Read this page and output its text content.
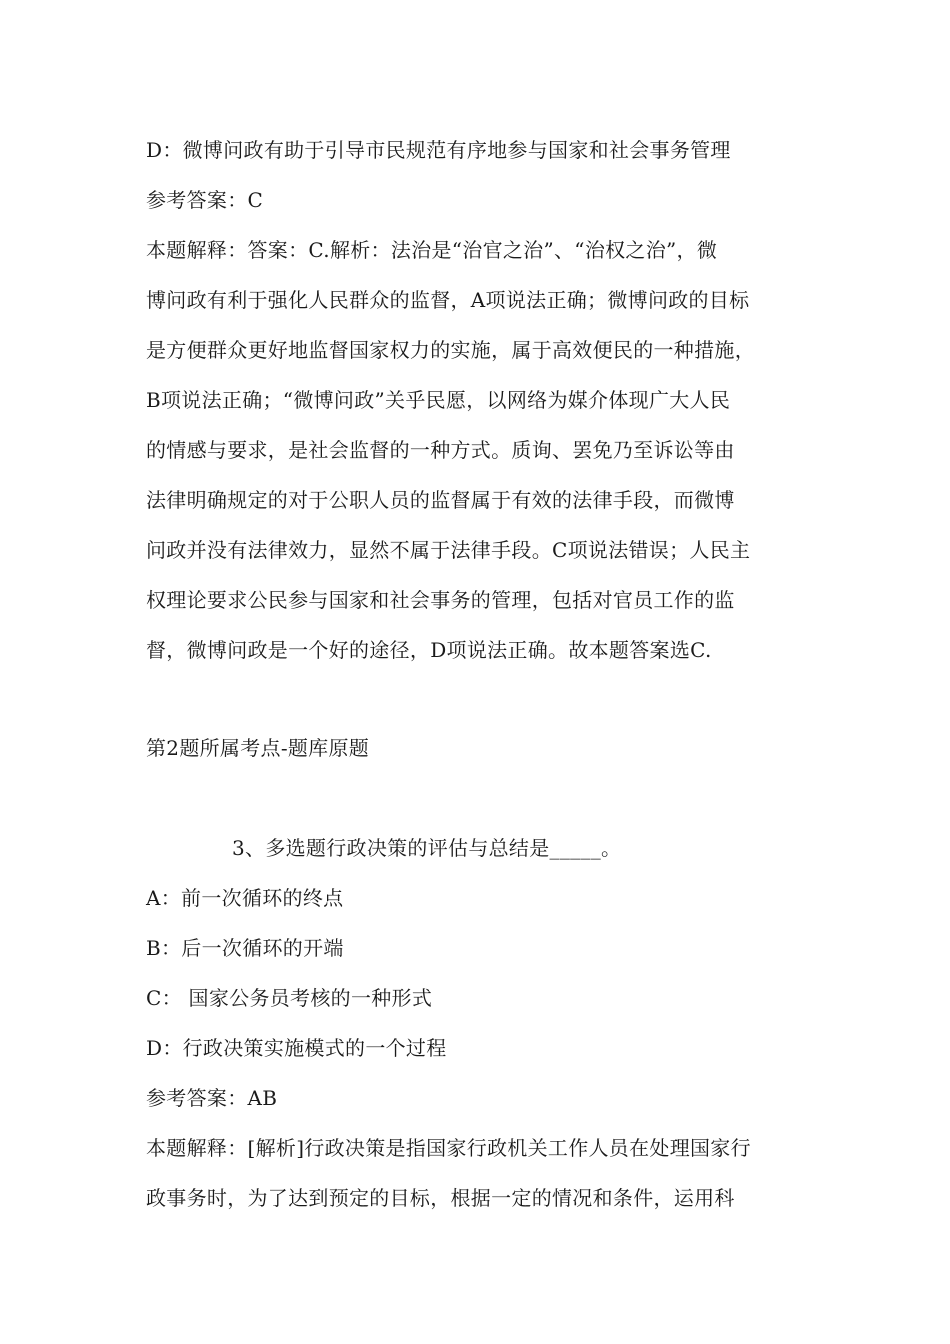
D：微博问政有助于引导市民规范有序地参与国家和社会事务管理
参考答案：C
本题解释：答案：C.解析：法治是“治官之治”、“治权之治”，微
博问政有利于强化人民群众的监督，A项说法正确；微博问政的目标
是方便群众更好地监督国家权力的实施，属于高效便民的一种措施，
B项说法正确；“微博问政”关乎民愿，以网络为媒介体现广大人民
的情感与要求，是社会监督的一种方式。质询、罢免乃至诉讼等由
法律明确规定的对于公职人员的监督属于有效的法律手段，而微博
问政并没有法律效力，显然不属于法律手段。C项说法错误；人民主
权理论要求公民参与国家和社会事务的管理，包括对官员工作的监
督，微博问政是一个好的途径，D项说法正确。故本题答案选C.
第2题所属考点-题库原题
3、多选题行政决策的评估与总结是_____。
A：前一次循环的终点
B：后一次循环的开端
C： 国家公务员考核的一种形式
D：行政决策实施模式的一个过程
参考答案：AB
本题解释：[解析]行政决策是指国家行政机关工作人员在处理国家行
政事务时，为了达到预定的目标，根据一定的情况和条件，运用科
